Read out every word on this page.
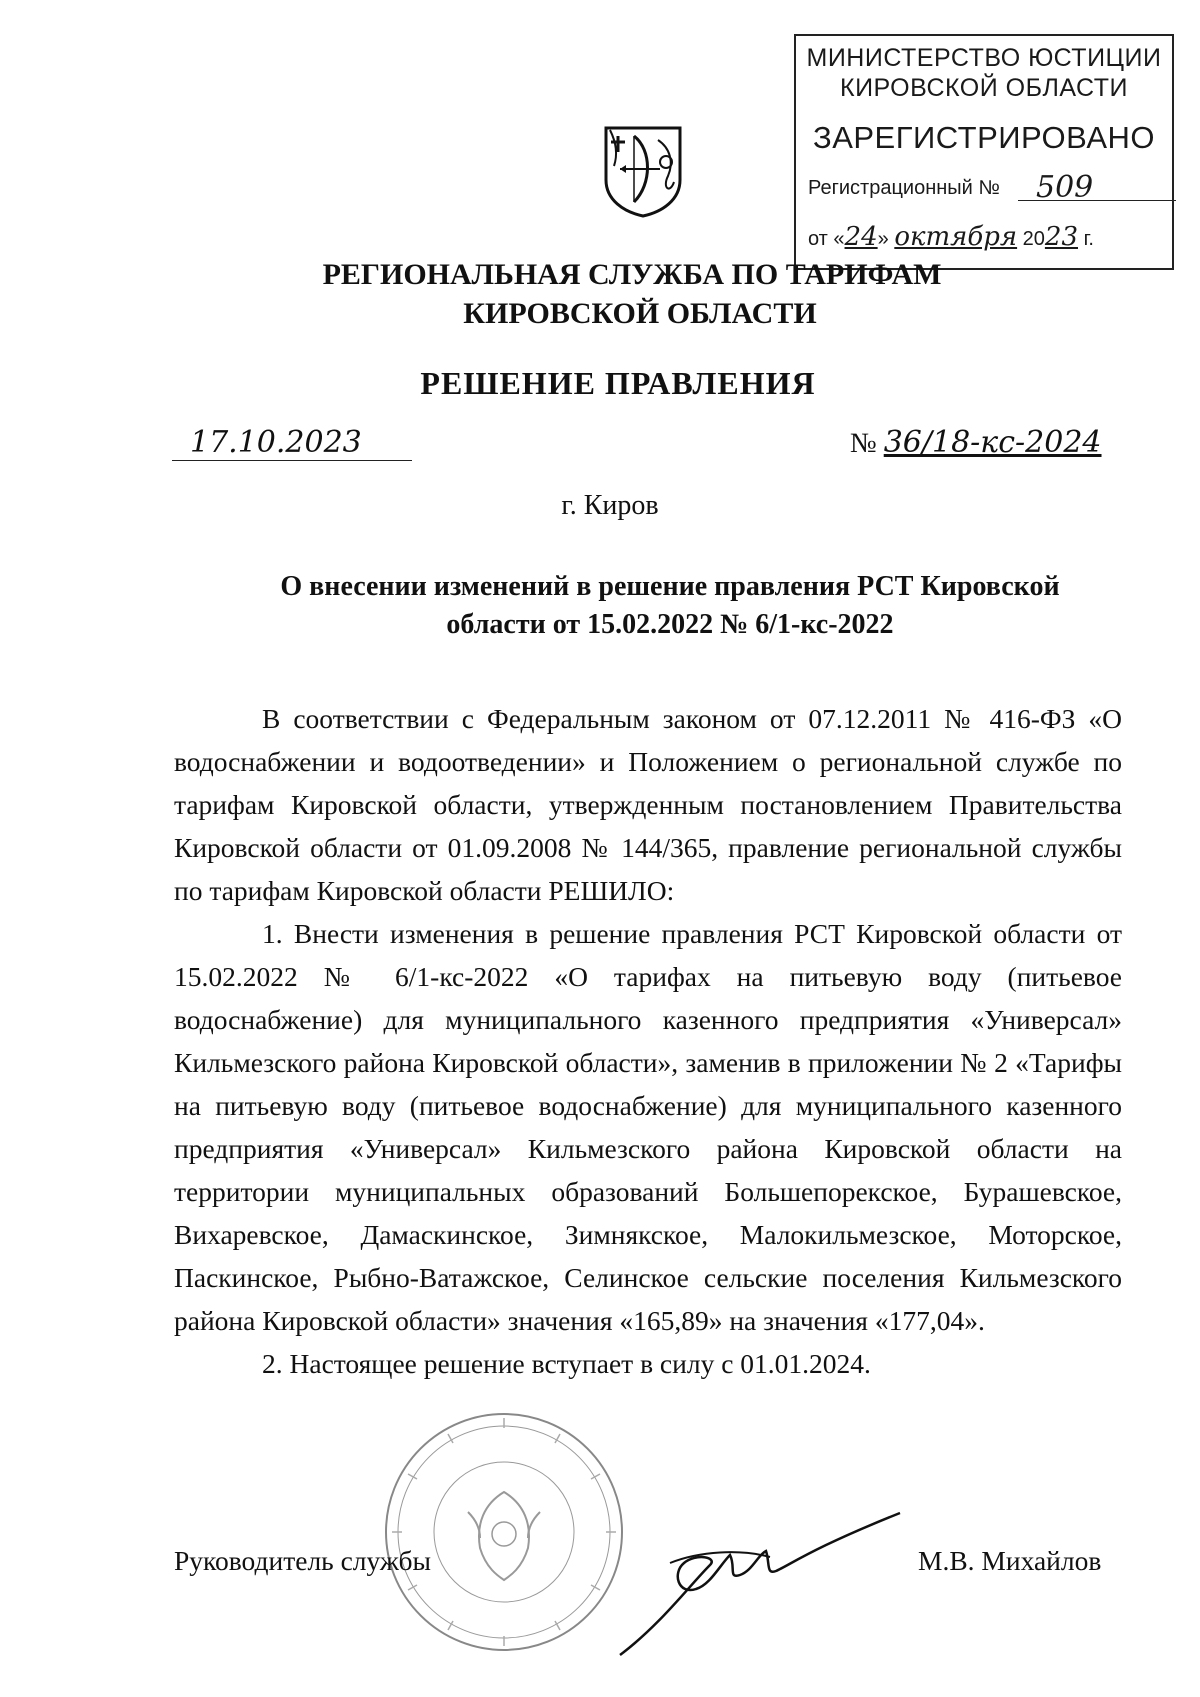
МИНИСТЕРСТВО ЮСТИЦИИ
КИРОВСКОЙ ОБЛАСТИ
ЗАРЕГИСТРИРОВАНО
Регистрационный №	509
от «24» октября 2023 г.
РЕГИОНАЛЬНАЯ СЛУЖБА ПО ТАРИФАМ
КИРОВСКОЙ ОБЛАСТИ
РЕШЕНИЕ ПРАВЛЕНИЯ
17.10.2023	№ 36/18-кс-2024
г. Киров
О внесении изменений в решение правления РСТ Кировской
области от 15.02.2022 № 6/1-кс-2022

В соответствии с Федеральным законом от 07.12.2011 № 416-ФЗ «О водоснабжении и водоотведении» и Положением о региональной службе по тарифам Кировской области, утвержденным постановлением Правительства Кировской области от 01.09.2008 № 144/365, правление региональной службы по тарифам Кировской области РЕШИЛО:

1. Внести изменения в решение правления РСТ Кировской области от 15.02.2022 № 6/1-кс-2022 «О тарифах на питьевую воду (питьевое водоснабжение) для муниципального казенного предприятия «Универсал» Кильмезского района Кировской области», заменив в приложении № 2 «Тарифы на питьевую воду (питьевое водоснабжение) для муниципального казенного предприятия «Универсал» Кильмезского района Кировской области на территории муниципальных образований Большепорекское, Бурашевское, Вихаревское, Дамаскинское, Зимнякское, Малокильмезское, Моторское, Паскинское, Рыбно-Ватажское, Селинское сельские поселения Кильмезского района Кировской области» значения «165,89» на значения «177,04».

2. Настоящее решение вступает в силу с 01.01.2024.

Руководитель службы	М.В. Михайлов
